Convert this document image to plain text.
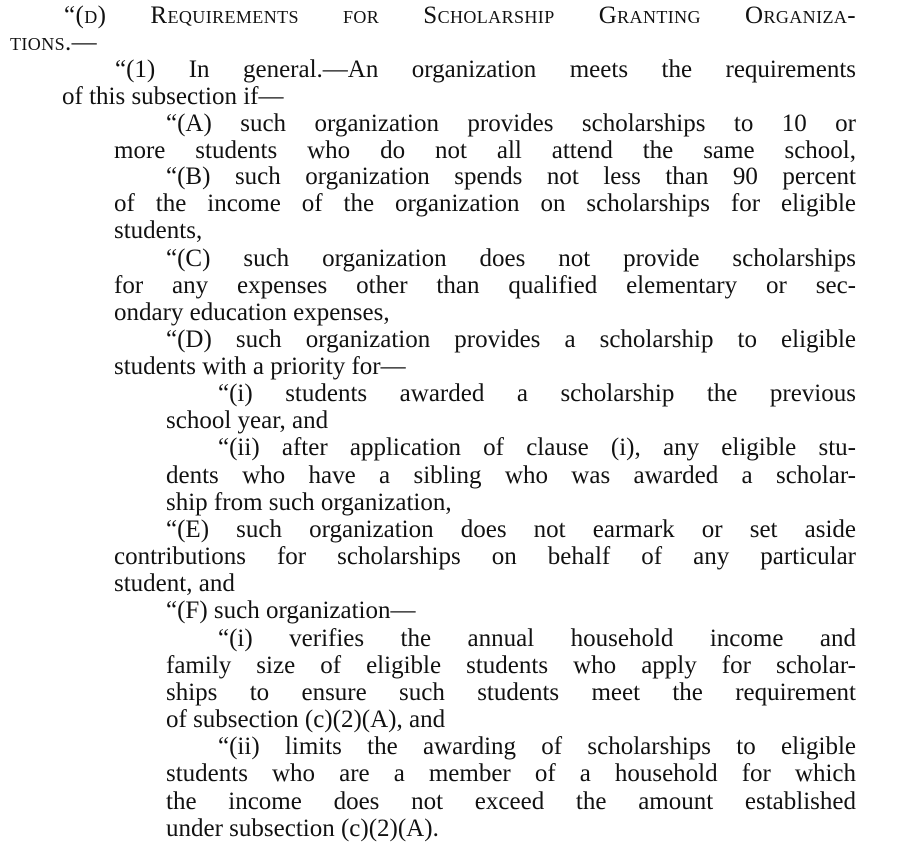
“(d) Requirements for Scholarship Granting Organiza-
tions.—
“(1) In general.—An organization meets the requirements
of this subsection if—
“(A) such organization provides scholarships to 10 or
more students who do not all attend the same school,
“(B) such organization spends not less than 90 percent
of the income of the organization on scholarships for eligible
students,
“(C) such organization does not provide scholarships
for any expenses other than qualified elementary or sec-
ondary education expenses,
“(D) such organization provides a scholarship to eligible
students with a priority for—
“(i) students awarded a scholarship the previous
school year, and
“(ii) after application of clause (i), any eligible stu-
dents who have a sibling who was awarded a scholar-
ship from such organization,
“(E) such organization does not earmark or set aside
contributions for scholarships on behalf of any particular
student, and
“(F) such organization—
“(i) verifies the annual household income and
family size of eligible students who apply for scholar-
ships to ensure such students meet the requirement
of subsection (c)(2)(A), and
“(ii) limits the awarding of scholarships to eligible
students who are a member of a household for which
the income does not exceed the amount established
under subsection (c)(2)(A).
